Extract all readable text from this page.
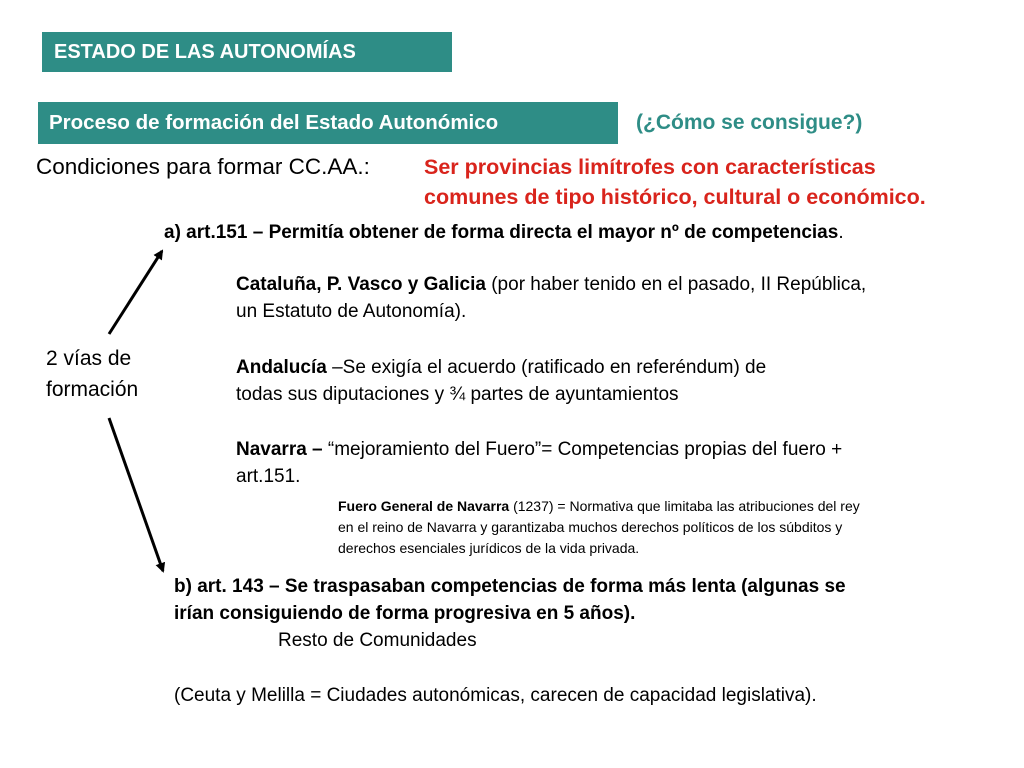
ESTADO DE LAS AUTONOMÍAS
Proceso de formación del Estado Autonómico	(¿Cómo se consigue?)
Condiciones para formar CC.AA.:	Ser provincias limítrofes con características
comunes de tipo histórico, cultural o económico.
2 vías de
formación
a) art.151 – Permitía obtener de forma directa el mayor nº de competencias.
Cataluña, P. Vasco y Galicia (por haber tenido en el pasado, II República,
un Estatuto de Autonomía).
Andalucía –Se exigía el acuerdo (ratificado en referéndum) de
todas sus diputaciones y ¾ partes de ayuntamientos
Navarra – “mejoramiento del Fuero”= Competencias propias del fuero +
art.151.
Fuero General de Navarra (1237) = Normativa que limitaba las atribuciones del rey
en el reino de Navarra y garantizaba muchos derechos políticos de los súbditos y
derechos esenciales jurídicos de la vida privada.
b) art. 143 – Se traspasaban competencias de forma más lenta (algunas se
irían consiguiendo de forma progresiva en 5 años).
Resto de Comunidades
(Ceuta y Melilla = Ciudades autonómicas, carecen de capacidad legislativa).
